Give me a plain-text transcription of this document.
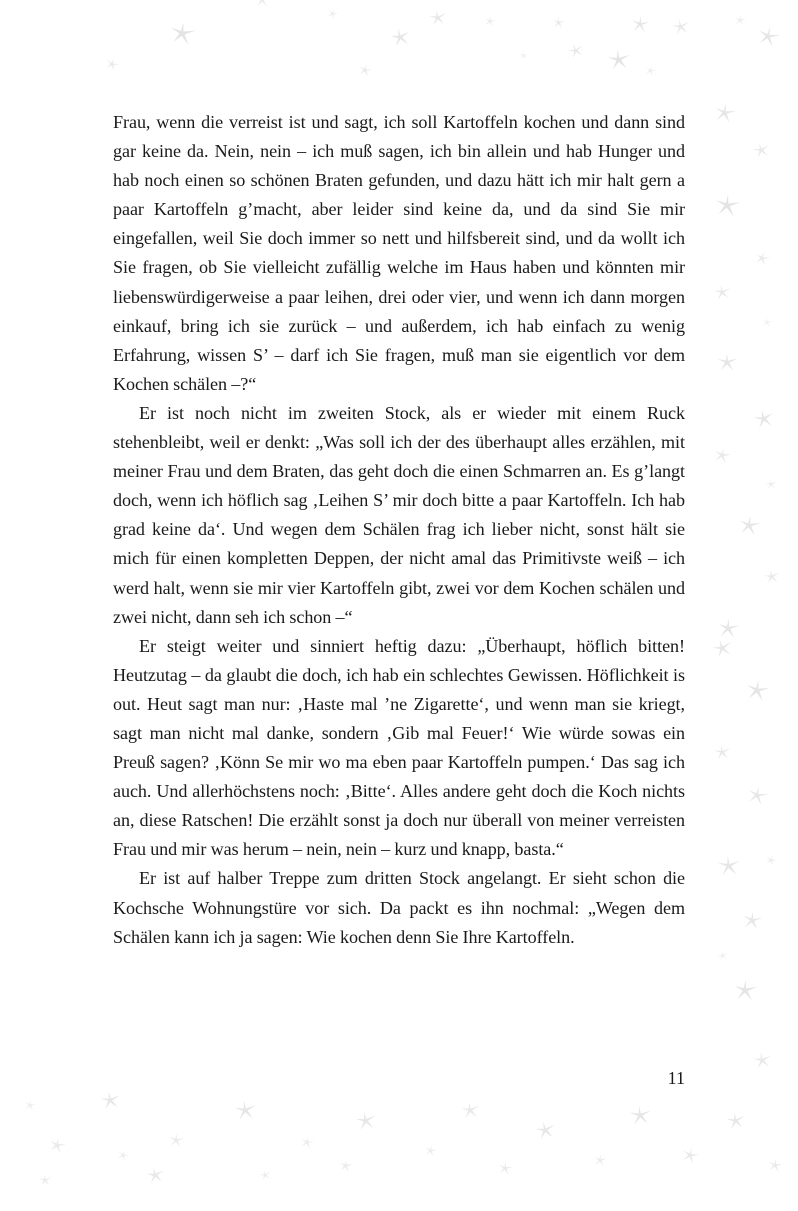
Frau, wenn die verreist ist und sagt, ich soll Kartoffeln kochen und dann sind gar keine da. Nein, nein – ich muß sagen, ich bin allein und hab Hunger und hab noch einen so schönen Braten gefunden, und dazu hätt ich mir halt gern a paar Kartoffeln g’macht, aber leider sind keine da, und da sind Sie mir eingefallen, weil Sie doch immer so nett und hilfsbereit sind, und da wollt ich Sie fragen, ob Sie vielleicht zufällig welche im Haus haben und könnten mir liebenswürdigerweise a paar leihen, drei oder vier, und wenn ich dann morgen einkauf, bring ich sie zurück – und außerdem, ich hab einfach zu wenig Erfahrung, wissen S’ – darf ich Sie fragen, muß man sie eigentlich vor dem Kochen schälen –?“

Er ist noch nicht im zweiten Stock, als er wieder mit einem Ruck stehenbleibt, weil er denkt: „Was soll ich der des überhaupt alles erzählen, mit meiner Frau und dem Braten, das geht doch die einen Schmarren an. Es g’langt doch, wenn ich höflich sag ‚Leihen S’ mir doch bitte a paar Kartoffeln. Ich hab grad keine da‘. Und wegen dem Schälen frag ich lieber nicht, sonst hält sie mich für einen kompletten Deppen, der nicht amal das Primitivste weiß – ich werd halt, wenn sie mir vier Kartoffeln gibt, zwei vor dem Kochen schälen und zwei nicht, dann seh ich schon –“

Er steigt weiter und sinniert heftig dazu: „Überhaupt, höflich bitten! Heutzutag – da glaubt die doch, ich hab ein schlechtes Gewissen. Höflichkeit is out. Heut sagt man nur: ‚Haste mal ’ne Zigarette‘, und wenn man sie kriegt, sagt man nicht mal danke, sondern ‚Gib mal Feuer!‘ Wie würde sowas ein Preuß sagen? ‚Könn Se mir wo ma eben paar Kartoffeln pumpen.‘ Das sag ich auch. Und allerhöchstens noch: ‚Bitte‘. Alles andere geht doch die Koch nichts an, diese Ratschen! Die erzählt sonst ja doch nur überall von meiner verreisten Frau und mir was herum – nein, nein – kurz und knapp, basta.“

Er ist auf halber Treppe zum dritten Stock angelangt. Er sieht schon die Kochsche Wohnungstüre vor sich. Da packt es ihn nochmal: „Wegen dem Schälen kann ich ja sagen: Wie kochen denn Sie Ihre Kartoffeln.

11
